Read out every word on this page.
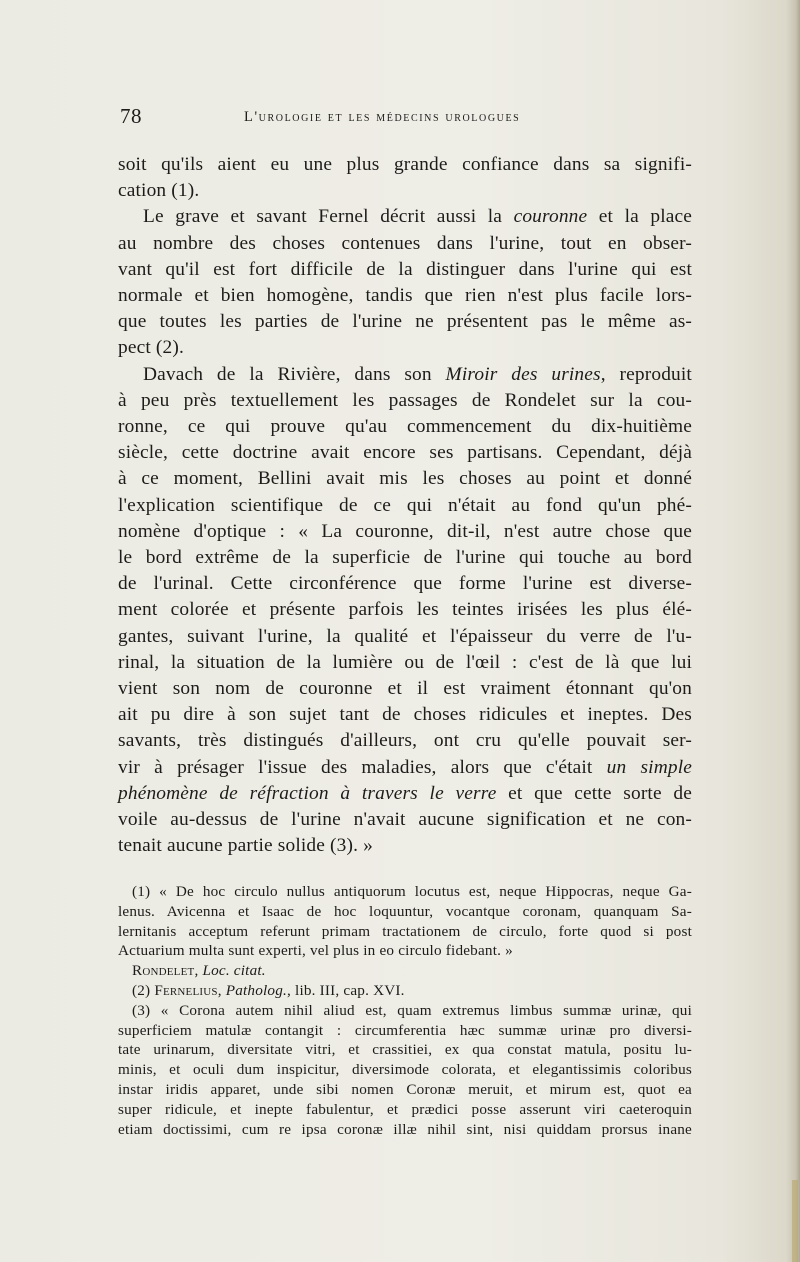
78	L'urologie et les médecins urologues

soit qu'ils aient eu une plus grande confiance dans sa signifi-
cation (1).

Le grave et savant Fernel décrit aussi la couronne et la place
au nombre des choses contenues dans l'urine, tout en obser-
vant qu'il est fort difficile de la distinguer dans l'urine qui est
normale et bien homogène, tandis que rien n'est plus facile lors-
que toutes les parties de l'urine ne présentent pas le même as-
pect (2).

Davach de la Rivière, dans son Miroir des urines, reproduit
à peu près textuellement les passages de Rondelet sur la cou-
ronne, ce qui prouve qu'au commencement du dix-huitième
siècle, cette doctrine avait encore ses partisans. Cependant, déjà
à ce moment, Bellini avait mis les choses au point et donné
l'explication scientifique de ce qui n'était au fond qu'un phé-
nomène d'optique : « La couronne, dit-il, n'est autre chose que
le bord extrême de la superficie de l'urine qui touche au bord
de l'urinal. Cette circonférence que forme l'urine est diverse-
ment colorée et présente parfois les teintes irisées les plus élé-
gantes, suivant l'urine, la qualité et l'épaisseur du verre de l'u-
rinal, la situation de la lumière ou de l'œil : c'est de là que lui
vient son nom de couronne et il est vraiment étonnant qu'on
ait pu dire à son sujet tant de choses ridicules et ineptes. Des
savants, très distingués d'ailleurs, ont cru qu'elle pouvait ser-
vir à présager l'issue des maladies, alors que c'était un simple
phénomène de réfraction à travers le verre et que cette sorte de
voile au-dessus de l'urine n'avait aucune signification et ne con-
tenait aucune partie solide (3). »

(1) « De hoc circulo nullus antiquorum locutus est, neque Hippocras, neque Ga-
lenus. Avicenna et Isaac de hoc loquuntur, vocantque coronam, quanquam Sa-
lernitanis acceptum referunt primam tractationem de circulo, forte quod si post
Actuarium multa sunt experti, vel plus in eo circulo fidebant. »
Rondelet, Loc. citat.
(2) Fernelius, Patholog., lib. III, cap. XVI.
(3) « Corona autem nihil aliud est, quam extremus limbus summæ urinæ, qui
superficiem matulæ contangit : circumferentia hæc summæ urinæ pro diversi-
tate urinarum, diversitate vitri, et crassitiei, ex qua constat matula, positu lu-
minis, et oculi dum inspicitur, diversimode colorata, et elegantissimis coloribus
instar iridis apparet, unde sibi nomen Coronæ meruit, et mirum est, quot ea
super ridicule, et inepte fabulentur, et prædici posse asserunt viri caeteroquin
etiam doctissimi, cum re ipsa coronæ illæ nihil sint, nisi quiddam prorsus inane
